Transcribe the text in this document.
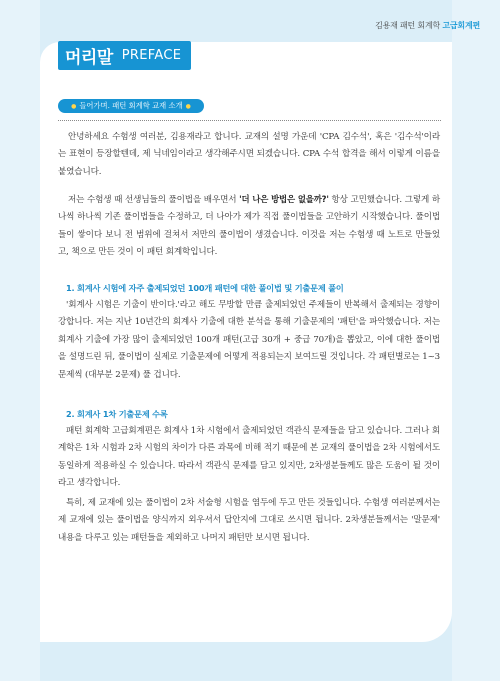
김용재 패턴 회계학 고급회계편
머리말 PREFACE
● 들어가며. 패턴 회계학 교재 소개 ●

안녕하세요 수험생 여러분, 김용재라고 합니다. 교재의 설명 가운데 'CPA 김수석', 혹은 '김수석'이라는 표현이 등장할텐데, 제 닉네임이라고 생각해주시면 되겠습니다. CPA 수석 합격을 해서 이렇게 이름을 붙였습니다.

저는 수험생 때 선생님들의 풀이법을 배우면서 '더 나은 방법은 없을까?' 항상 고민했습니다. 그렇게 하나씩 하나씩 기존 풀이법들을 수정하고, 더 나아가 제가 직접 풀이법들을 고안하기 시작했습니다. 풀이법들이 쌓이다 보니 전 범위에 걸쳐서 저만의 풀이법이 생겼습니다. 이것을 저는 수험생 때 노트로 만들었고, 책으로 만든 것이 이 패턴 회계학입니다.

1. 회계사 시험에 자주 출제되었던 100개 패턴에 대한 풀이법 및 기출문제 풀이

'회계사 시험은 기출이 반이다.'라고 해도 무방할 만큼 출제되었던 주제들이 반복해서 출제되는 경향이 강합니다. 저는 지난 10년간의 회계사 기출에 대한 분석을 통해 기출문제의 '패턴'을 파악했습니다. 저는 회계사 기출에 가장 많이 출제되었던 100개 패턴(고급 30개 + 중급 70개)을 뽑았고, 이에 대한 풀이법을 설명드린 뒤, 풀이법이 실제로 기출문제에 어떻게 적용되는지 보여드릴 것입니다. 각 패턴별로는 1~3문제씩 (대부분 2문제) 풀 겁니다.

2. 회계사 1차 기출문제 수록

패턴 회계학 고급회계편은 회계사 1차 시험에서 출제되었던 객관식 문제들을 담고 있습니다. 그러나 회계학은 1차 시험과 2차 시험의 차이가 다른 과목에 비해 적기 때문에 본 교재의 풀이법을 2차 시험에서도 동일하게 적용하실 수 있습니다. 따라서 객관식 문제를 담고 있지만, 2차생분들께도 많은 도움이 될 것이라고 생각합니다.

특히, 제 교재에 있는 풀이법이 2차 서술형 시험을 염두에 두고 만든 것들입니다. 수험생 여러분께서는 제 교재에 있는 풀이법을 양식까지 외우셔서 답안지에 그대로 쓰시면 됩니다. 2차생분들께서는 '말문제' 내용을 다루고 있는 패턴들을 제외하고 나머지 패턴만 보시면 됩니다.
